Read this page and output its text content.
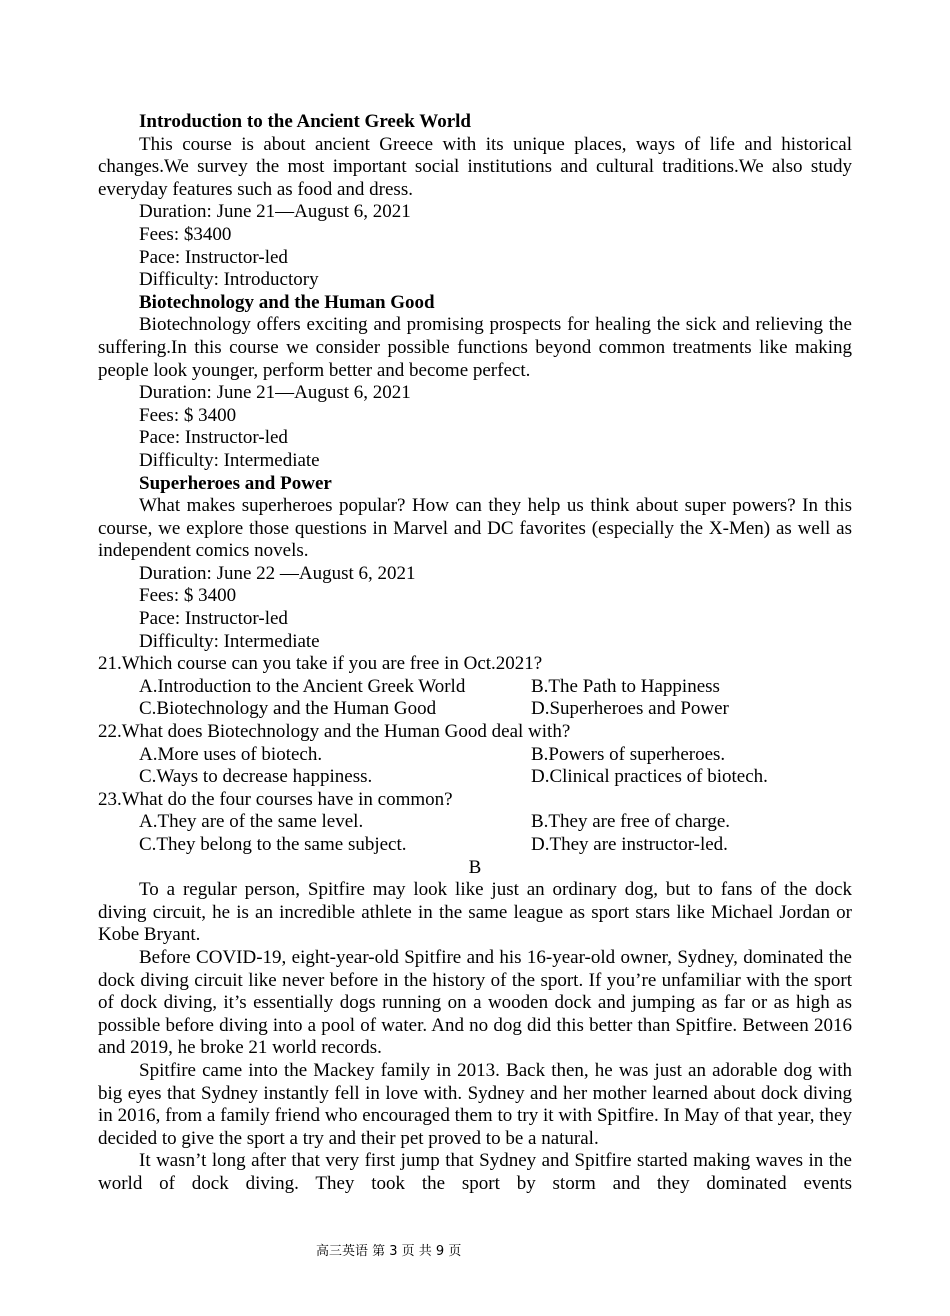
Introduction to the Ancient Greek World

This course is about ancient Greece with its unique places, ways of life and historical changes.We survey the most important social institutions and cultural traditions.We also study everyday features such as food and dress.

Duration: June 21—August 6, 2021

Fees: $3400

Pace: Instructor-led

Difficulty: Introductory

Biotechnology and the Human Good

Biotechnology offers exciting and promising prospects for healing the sick and relieving the suffering.In this course we consider possible functions beyond common treatments like making people look younger, perform better and become perfect.

Duration: June 21—August 6, 2021

Fees: $ 3400

Pace: Instructor-led

Difficulty: Intermediate

Superheroes and Power

What makes superheroes popular? How can they help us think about super powers? In this course, we explore those questions in Marvel and DC favorites (especially the X-Men) as well as independent comics novels.

Duration: June 22 —August 6, 2021

Fees: $ 3400

Pace: Instructor-led

Difficulty: Intermediate

21.Which course can you take if you are free in Oct.2021?

A.Introduction to the Ancient Greek World	B.The Path to Happiness
C.Biotechnology and the Human Good	D.Superheroes and Power

22.What does Biotechnology and the Human Good deal with?

A.More uses of biotech.	B.Powers of superheroes.
C.Ways to decrease happiness.	D.Clinical practices of biotech.

23.What do the four courses have in common?

A.They are of the same level.	B.They are free of charge.
C.They belong to the same subject.	D.They are instructor-led.

B

To a regular person, Spitfire may look like just an ordinary dog, but to fans of the dock diving circuit, he is an incredible athlete in the same league as sport stars like Michael Jordan or Kobe Bryant.

Before COVID-19, eight-year-old Spitfire and his 16-year-old owner, Sydney, dominated the dock diving circuit like never before in the history of the sport. If you’re unfamiliar with the sport of dock diving, it’s essentially dogs running on a wooden dock and jumping as far or as high as possible before diving into a pool of water. And no dog did this better than Spitfire. Between 2016 and 2019, he broke 21 world records.

Spitfire came into the Mackey family in 2013. Back then, he was just an adorable dog with big eyes that Sydney instantly fell in love with. Sydney and her mother learned about dock diving in 2016, from a family friend who encouraged them to try it with Spitfire. In May of that year, they decided to give the sport a try and their pet proved to be a natural.

It wasn’t long after that very first jump that Sydney and Spitfire started making waves in the world of dock diving. They took the sport by storm and they dominated events

高三英语 第 3 页 共 9 页
